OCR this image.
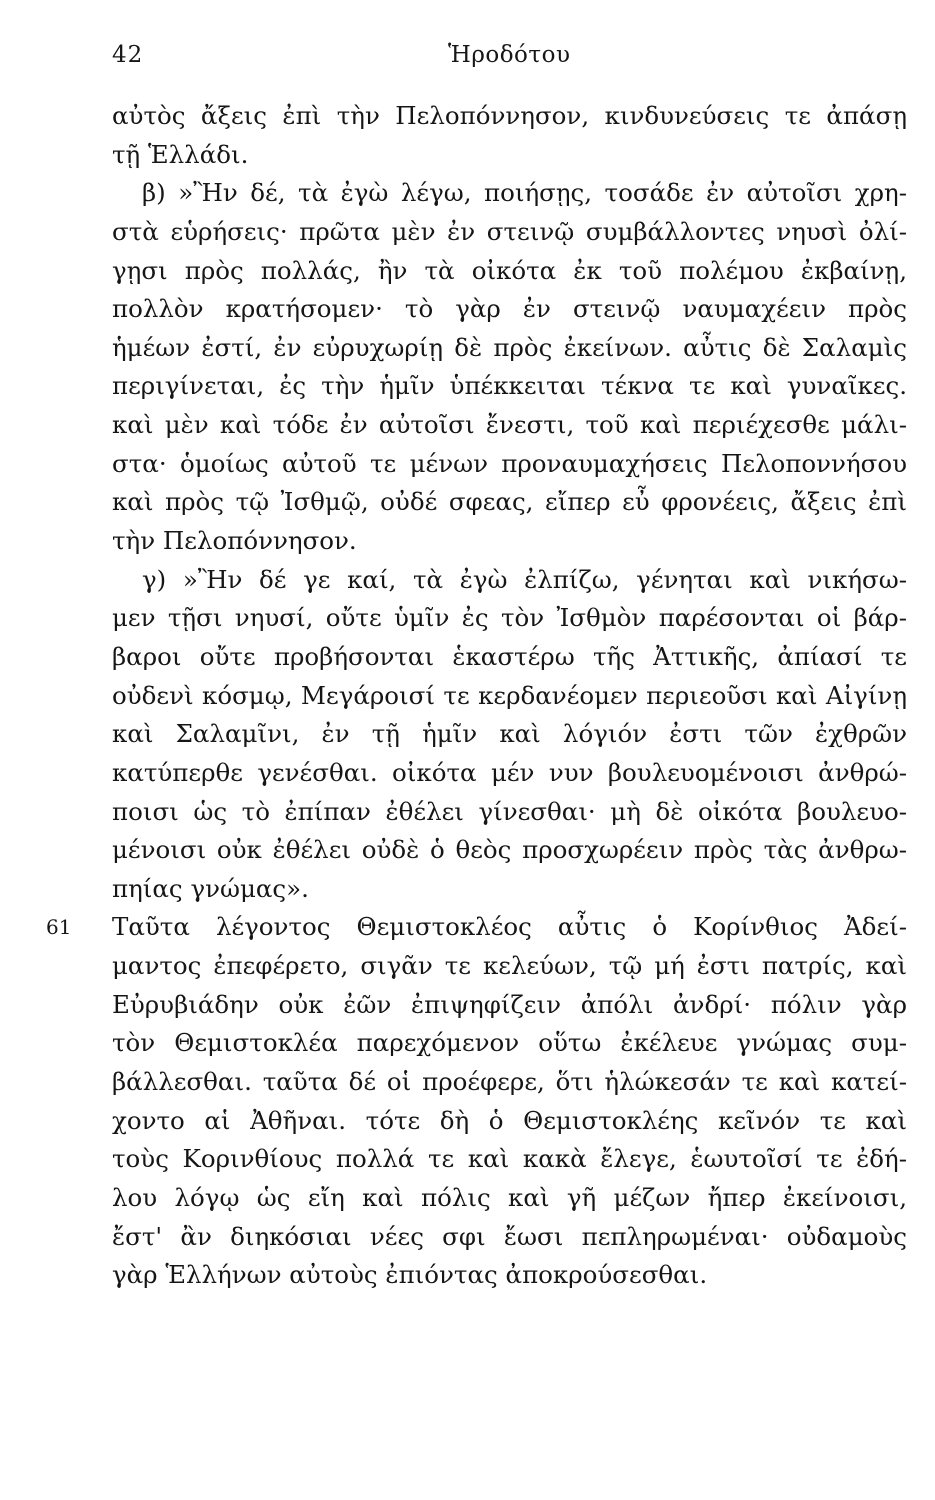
42	Ἡροδότου
αὐτὸς ἄξεις ἐπὶ τὴν Πελοπόννησον, κινδυνεύσεις τε ἀπάσῃ
τῇ Ἑλλάδι.
β) »Ἢν δέ, τὰ ἐγὼ λέγω, ποιήσῃς, τοσάδε ἐν αὐτοῖσι χρη-
στὰ εὑρήσεις· πρῶτα μὲν ἐν στεινῷ συμβάλλοντες νηυσὶ ὀλί-
γῃσι πρὸς πολλάς, ἢν τὰ οἰκότα ἐκ τοῦ πολέμου ἐκβαίνῃ,
πολλὸν κρατήσομεν· τὸ γὰρ ἐν στεινῷ ναυμαχέειν πρὸς
ἡμέων ἐστί, ἐν εὐρυχωρίῃ δὲ πρὸς ἐκείνων. αὖτις δὲ Σαλαμὶς
περιγίνεται, ἐς τὴν ἡμῖν ὑπέκκειται τέκνα τε καὶ γυναῖκες.
καὶ μὲν καὶ τόδε ἐν αὐτοῖσι ἔνεστι, τοῦ καὶ περιέχεσθε μάλι-
στα· ὁμοίως αὐτοῦ τε μένων προναυμαχήσεις Πελοποννήσου
καὶ πρὸς τῷ Ἰσθμῷ, οὐδέ σφεας, εἴπερ εὖ φρονέεις, ἄξεις ἐπὶ
τὴν Πελοπόννησον.
γ) »Ἢν δέ γε καί, τὰ ἐγὼ ἐλπίζω, γένηται καὶ νικήσω-
μεν τῇσι νηυσί, οὔτε ὑμῖν ἐς τὸν Ἰσθμὸν παρέσονται οἱ βάρ-
βαροι οὔτε προβήσονται ἑκαστέρω τῆς Ἀττικῆς, ἀπίασί τε
οὐδενὶ κόσμῳ, Μεγάροισί τε κερδανέομεν περιεοῦσι καὶ Αἰγίνῃ
καὶ Σαλαμῖνι, ἐν τῇ ἡμῖν καὶ λόγιόν ἐστι τῶν ἐχθρῶν
κατύπερθε γενέσθαι. οἰκότα μέν νυν βουλευομένοισι ἀνθρώ-
ποισι ὡς τὸ ἐπίπαν ἐθέλει γίνεσθαι· μὴ δὲ οἰκότα βουλευο-
μένοισι οὐκ ἐθέλει οὐδὲ ὁ θεὸς προσχωρέειν πρὸς τὰς ἀνθρω-
πηίας γνώμας».
61 Ταῦτα λέγοντος Θεμιστοκλέος αὖτις ὁ Κορίνθιος Ἀδεί-
μαντος ἐπεφέρετο, σιγᾶν τε κελεύων, τῷ μή ἐστι πατρίς, καὶ
Εὐρυβιάδην οὐκ ἐῶν ἐπιψηφίζειν ἀπόλι ἀνδρί· πόλιν γὰρ
τὸν Θεμιστοκλέα παρεχόμενον οὕτω ἐκέλευε γνώμας συμ-
βάλλεσθαι. ταῦτα δέ οἱ προέφερε, ὅτι ἡλώκεσάν τε καὶ κατεί-
χοντο αἱ Ἀθῆναι. τότε δὴ ὁ Θεμιστοκλέης κεῖνόν τε καὶ
τοὺς Κορινθίους πολλά τε καὶ κακὰ ἔλεγε, ἑωυτοῖσί τε ἐδή-
λου λόγῳ ὡς εἴη καὶ πόλις καὶ γῆ μέζων ἤπερ ἐκείνοισι,
ἔστ' ἂν διηκόσιαι νέες σφι ἔωσι πεπληρωμέναι· οὐδαμοὺς
γὰρ Ἑλλήνων αὐτοὺς ἐπιόντας ἀποκρούσεσθαι.
